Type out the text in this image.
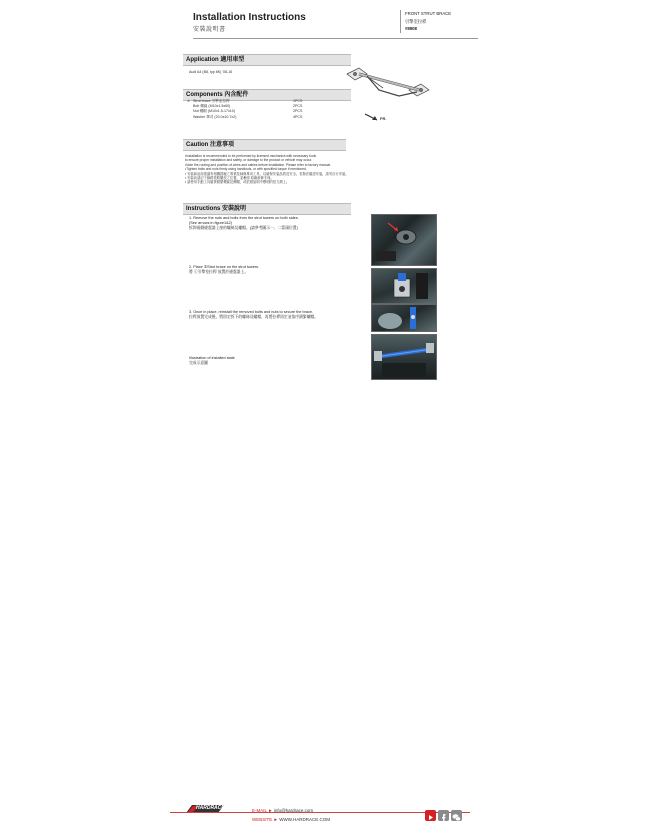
Installation Instructions
安裝說明書
FRONT STRUT BRACE
引擎室拉桿
#8908
Application 適用車型
Audi A4 (B8, typ 8K) '08-16
FR.
Components 內含配件
①	Strut brace 引擎室拉桿	1PCS
	Bolt 螺絲 (M10x1.5x60)	2PCS
	Nut 螺帽 (M10x1.5-17x10)	2PCS
	Washer 華司 (20.0x10.7x2)	4PCS
Caution 注意事項
•Installation is recommended to be performed by licensed mechanics with necessary tools
to ensure proper installation and safety, or damage to the product or vehicle may occur.
•Note the routing and position of wires and cables before installation. Please refer to factory manual.
•Tighten bolts and nuts firmly using handtools, or with specified torque if mentioned.
• 安裝商品前建議有相關經驗之專業技師與專用工具，以確保安裝品質及安全。若無法確認安裝，請勿自行安裝。
• 安裝前請記下線路管路擺放之位置，並參照 原廠維修手冊。
• 請使用手動工具確實鎖緊螺絲及螺帽，或依照說明中標明的扭力鎖上。
Instructions 安裝說明
1. Remove the nuts and bolts from the strut towers on both sides.
(See arrows in figure1&2)
拆卸兩側避震器上座的螺絲及螺帽。(請參考圖示一、二箭頭位置)
2. Place ①Strut brace on the strut towers.
將 ①引擎室拉桿 放置於避震器上。
3. Once in place, reinstall the removed bolts and nuts to secure the brace.
拉桿放置完成後，將固定拆下的螺絲及螺帽，再將拉桿固定並依序鎖緊螺帽。
Illustration of installed state
完成示意圖
HARDRACE	E-MAIL ► info@hardrace.com
WEBSITE ► WWW.HARDRACE.COM
